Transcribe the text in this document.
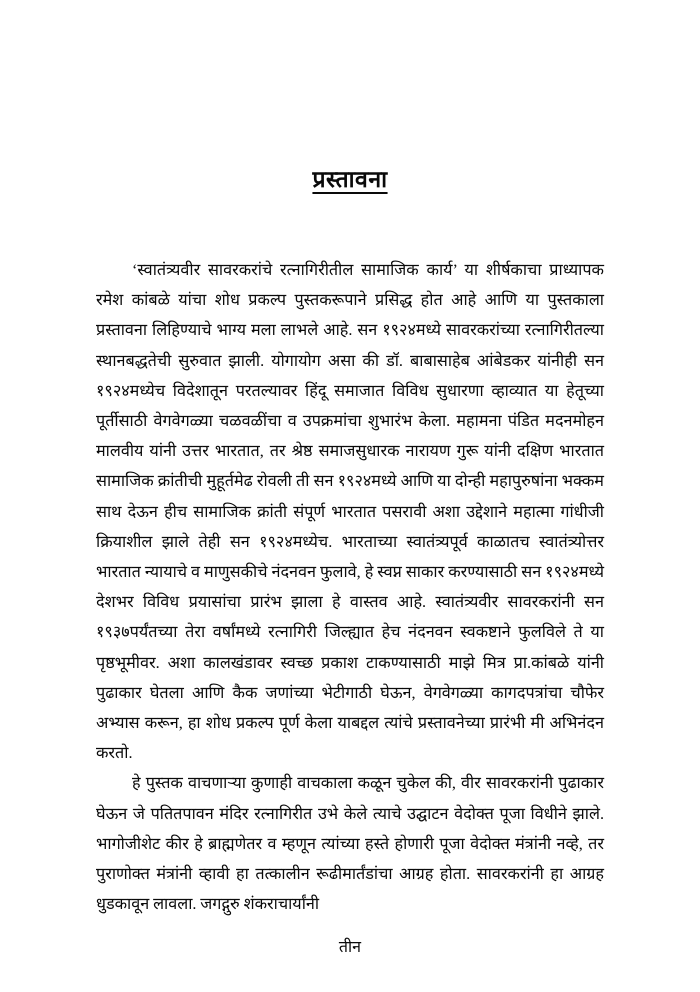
प्रस्तावना

‘स्वातंत्र्यवीर सावरकरांचे रत्नागिरीतील सामाजिक कार्य’ या शीर्षकाचा प्राध्यापक रमेश कांबळे यांचा शोध प्रकल्प पुस्तकरूपाने प्रसिद्ध होत आहे आणि या पुस्तकाला प्रस्तावना लिहिण्याचे भाग्य मला लाभले आहे. सन १९२४मध्ये सावरकरांच्या रत्नागिरीतल्या स्थानबद्धतेची सुरुवात झाली. योगायोग असा की डॉ. बाबासाहेब आंबेडकर यांनीही सन १९२४मध्येच विदेशातून परतल्यावर हिंदू समाजात विविध सुधारणा व्हाव्यात या हेतूच्या पूर्तीसाठी वेगवेगळ्या चळवळींचा व उपक्रमांचा शुभारंभ केला. महामना पंडित मदनमोहन मालवीय यांनी उत्तर भारतात, तर श्रेष्ठ समाजसुधारक नारायण गुरू यांनी दक्षिण भारतात सामाजिक क्रांतीची मुहूर्तमेढ रोवली ती सन १९२४मध्ये आणि या दोन्ही महापुरुषांना भक्कम साथ देऊन हीच सामाजिक क्रांती संपूर्ण भारतात पसरावी अशा उद्देशाने महात्मा गांधीजी क्रियाशील झाले तेही सन १९२४मध्येच. भारताच्या स्वातंत्र्यपूर्व काळातच स्वातंत्र्योत्तर भारतात न्यायाचे व माणुसकीचे नंदनवन फुलावे, हे स्वप्न साकार करण्यासाठी सन १९२४मध्ये देशभर विविध प्रयासांचा प्रारंभ झाला हे वास्तव आहे. स्वातंत्र्यवीर सावरकरांनी सन १९३७पर्यंतच्या तेरा वर्षांमध्ये रत्नागिरी जिल्ह्यात हेच नंदनवन स्वकष्टाने फुलविले ते या पृष्ठभूमीवर. अशा कालखंडावर स्वच्छ प्रकाश टाकण्यासाठी माझे मित्र प्रा.कांबळे यांनी पुढाकार घेतला आणि कैक जणांच्या भेटीगाठी घेऊन, वेगवेगळ्या कागदपत्रांचा चौफेर अभ्यास करून, हा शोध प्रकल्प पूर्ण केला याबद्दल त्यांचे प्रस्तावनेच्या प्रारंभी मी अभिनंदन करतो.

हे पुस्तक वाचणाऱ्या कुणाही वाचकाला कळून चुकेल की, वीर सावरकरांनी पुढाकार घेऊन जे पतितपावन मंदिर रत्नागिरीत उभे केले त्याचे उद्घाटन वेदोक्त पूजा विधीने झाले. भागोजीशेट कीर हे ब्राह्मणेतर व म्हणून त्यांच्या हस्ते होणारी पूजा वेदोक्त मंत्रांनी नव्हे, तर पुराणोक्त मंत्रांनी व्हावी हा तत्कालीन रूढीमार्तंडांचा आग्रह होता. सावरकरांनी हा आग्रह धुडकावून लावला. जगद्गुरु शंकराचार्यांनी

तीन
